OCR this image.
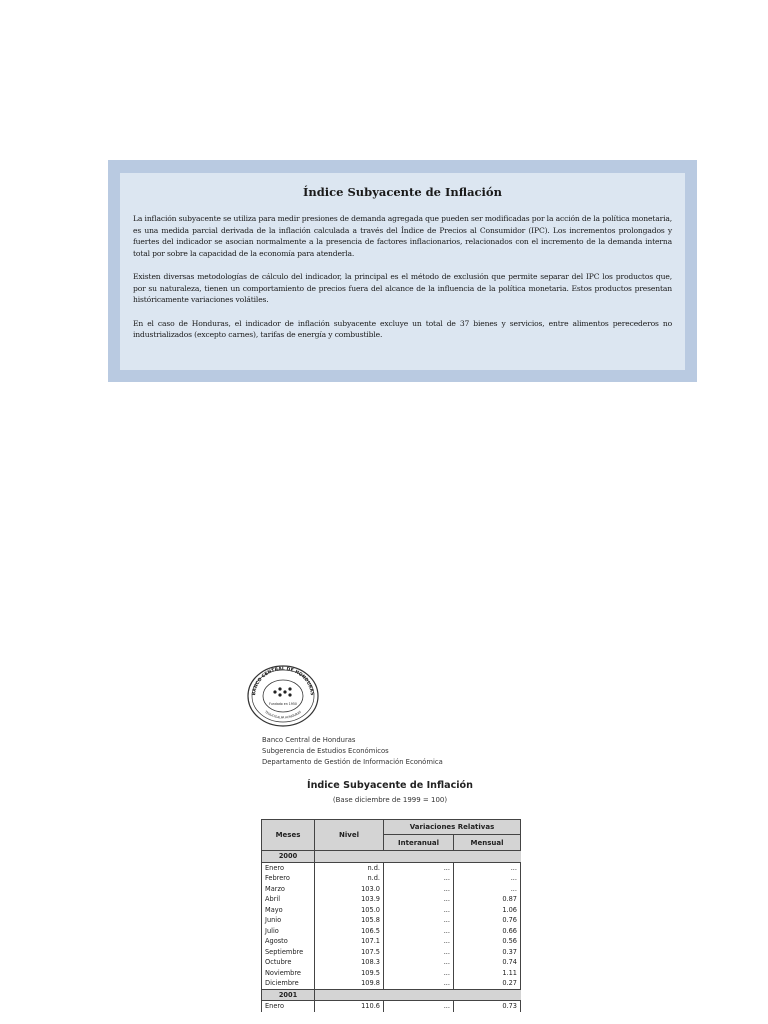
Índice Subyacente de Inflación

La inflación subyacente se utiliza para medir presiones de demanda agregada que pueden ser modificadas por la acción de la política monetaria, es una medida parcial derivada de la inflación calculada a través del Índice de Precios al Consumidor (IPC). Los incrementos prolongados y fuertes del indicador se asocian normalmente a la presencia de factores inflacionarios, relacionados con el incremento de la demanda interna total por sobre la capacidad de la economía para atenderla.

Existen diversas metodologías de cálculo del indicador, la principal es el método de exclusión que permite separar del IPC los productos que, por su naturaleza, tienen un comportamiento de precios fuera del alcance de la influencia de la política monetaria. Estos productos presentan históricamente variaciones volátiles.

En el caso de Honduras, el indicador de inflación subyacente excluye un total de 37 bienes y servicios, entre alimentos perecederos no industrializados (excepto carnes), tarifas de energía y combustible.

BANCO CENTRAL DE HONDURAS
TEGUCIGALPA HONDURAS
Fundado en 1950
Banco Central de Honduras
Subgerencia de Estudios Económicos
Departamento de Gestión de Información Económica
Índice Subyacente de Inflación
(Base diciembre de 1999 = 100)
Meses	Nivel	Variaciones Relativas	
		Interanual	Mensual
2000			
Enero	n.d.	...	...
Febrero	n.d.	...	...
Marzo	103.0	...	...
Abril	103.9	...	0.87
Mayo	105.0	...	1.06
Junio	105.8	...	0.76
Julio	106.5	...	0.66
Agosto	107.1	...	0.56
Septiembre	107.5	...	0.37
Octubre	108.3	...	0.74
Noviembre	109.5	...	1.11
Diciembre	109.8	...	0.27
2001			
Enero	110.6	...	0.73
